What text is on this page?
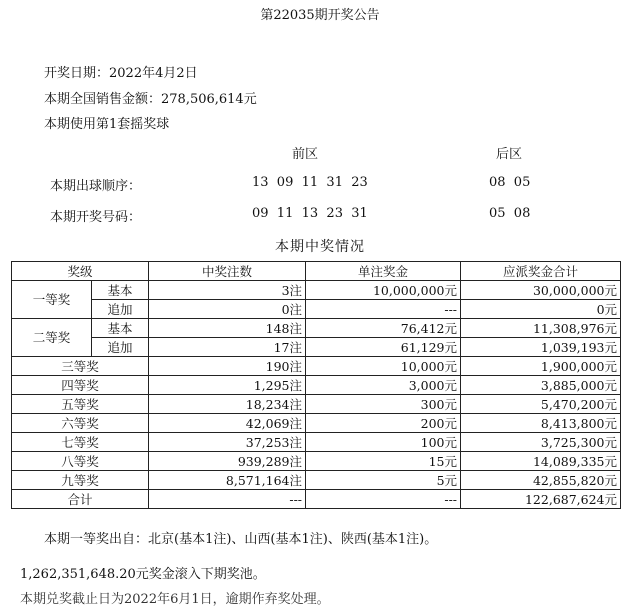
第22035期开奖公告
开奖日期：2022年4月2日
本期全国销售金额：278,506,614元
本期使用第1套摇奖球
前区	后区
本期出球顺序：	13  09  11  31  23	08  05
本期开奖号码：	09  11  13  23  31	05  08
本期中奖情况
奖级		中奖注数	单注奖金	应派奖金合计
一等奖	基本	3注	10,000,000元	30,000,000元
	追加	0注	---	0元
二等奖	基本	148注	76,412元	11,308,976元
	追加	17注	61,129元	1,039,193元
三等奖		190注	10,000元	1,900,000元
四等奖		1,295注	3,000元	3,885,000元
五等奖		18,234注	300元	5,470,200元
六等奖		42,069注	200元	8,413,800元
七等奖		37,253注	100元	3,725,300元
八等奖		939,289注	15元	14,089,335元
九等奖		8,571,164注	5元	42,855,820元
合计		---	---	122,687,624元
本期一等奖出自：北京(基本1注)、山西(基本1注)、陕西(基本1注)。
1,262,351,648.20元奖金滚入下期奖池。
本期兑奖截止日为2022年6月1日，逾期作弃奖处理。
